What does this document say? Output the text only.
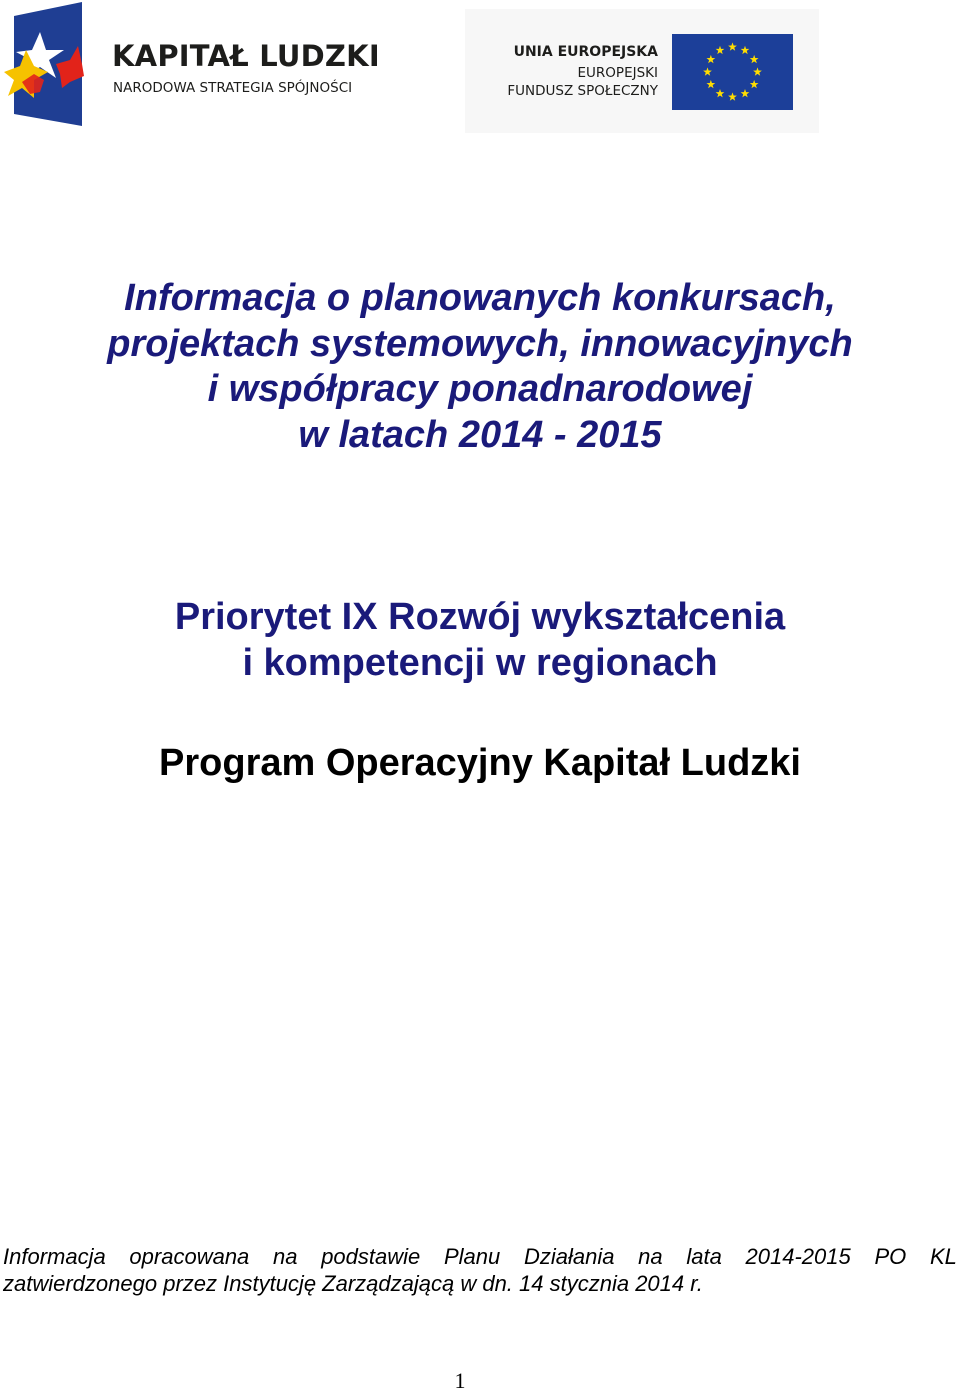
KAPITAŁ LUDZKI
NARODOWA STRATEGIA SPÓJNOŚCI
UNIA EUROPEJSKA
EUROPEJSKI
FUNDUSZ SPOŁECZNY
Informacja o planowanych konkursach,
projektach systemowych, innowacyjnych
i współpracy ponadnarodowej
w latach 2014 - 2015
Priorytet IX Rozwój wykształcenia
i kompetencji w regionach
Program Operacyjny Kapitał Ludzki
Informacja opracowana na podstawie Planu Działania na lata 2014-2015 PO KL
zatwierdzonego przez Instytucję Zarządzającą w dn. 14 stycznia 2014 r.
1
